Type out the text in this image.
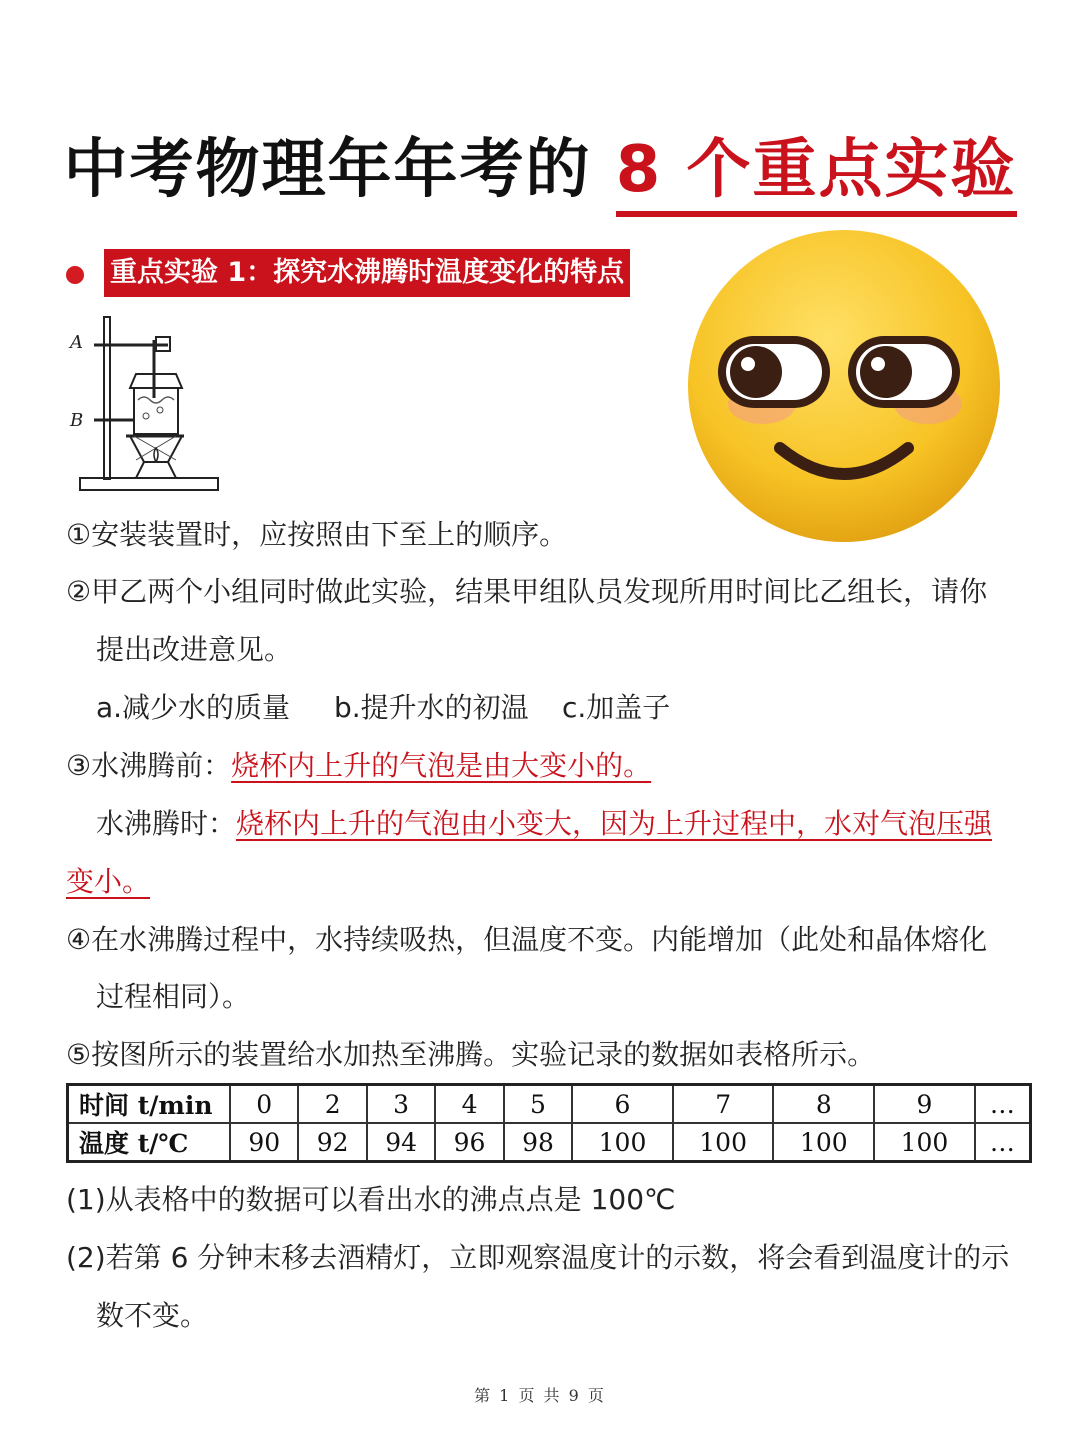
中考物理年年考的 8 个重点实验
重点实验 1：探究水沸腾时温度变化的特点
A
B
①安装装置时，应按照由下至上的顺序。
②甲乙两个小组同时做此实验，结果甲组队员发现所用时间比乙组长，请你
提出改进意见。
a.减少水的质量 b.提升水的初温 c.加盖子
③水沸腾前：烧杯内上升的气泡是由大变小的。
水沸腾时：烧杯内上升的气泡由小变大，因为上升过程中，水对气泡压强
变小。
④在水沸腾过程中，水持续吸热，但温度不变。内能增加（此处和晶体熔化
过程相同）。
⑤按图所示的装置给水加热至沸腾。实验记录的数据如表格所示。
时间 t/min	0	2	3	4	5	6	7	8	9	…
温度 t/℃	90	92	94	96	98	100	100	100	100	…
(1)从表格中的数据可以看出水的沸点点是 100℃
(2)若第 6 分钟末移去酒精灯，立即观察温度计的示数，将会看到温度计的示
数不变。
第 1 页 共 9 页
